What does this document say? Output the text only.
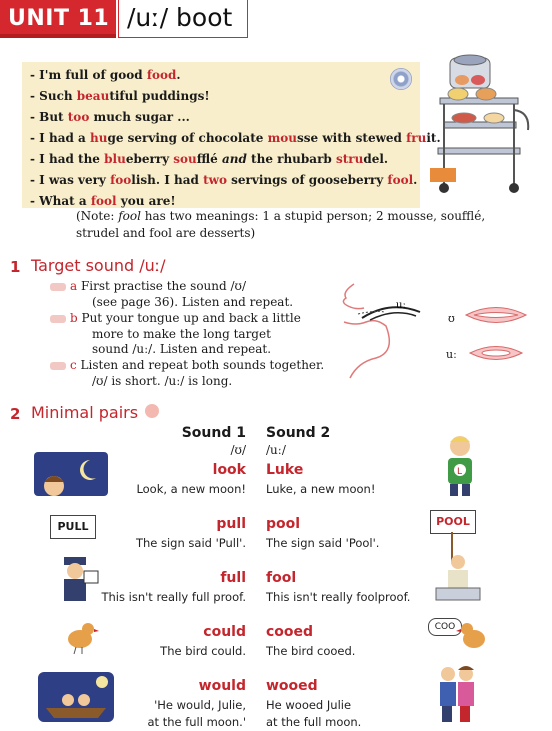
UNIT 11 /uː/ boot
- I'm full of good food.
- Such beautiful puddings!
- But too much sugar ...
- I had a huge serving of chocolate mousse with stewed fruit.
- I had the blueberry soufflé and the rhubarb strudel.
- I was very foolish. I had two servings of gooseberry fool.
- What a fool you are!
(Note: fool has two meanings: 1 a stupid person; 2 mousse, soufflé, strudel and fool are desserts)
1 Target sound /uː/
a First practise the sound /ʊ/
(see page 36). Listen and repeat.
b Put your tongue up and back a little
more to make the long target
sound /uː/. Listen and repeat.
c Listen and repeat both sounds together.
/ʊ/ is short. /uː/ is long.
uː
ʊ
uː
2 Minimal pairs
Sound 1
/ʊ/
Sound 2
/uː/
look Luke
Look, a new moon! Luke, a new moon!
pull pool
The sign said 'Pull'. The sign said 'Pool'.
full fool
This isn't really full proof. This isn't really foolproof.
could cooed
The bird could. The bird cooed.
would wooed
'He would, Julie,
at the full moon.'
He wooed Julie
at the full moon.
PULL
L
POOL
COO
